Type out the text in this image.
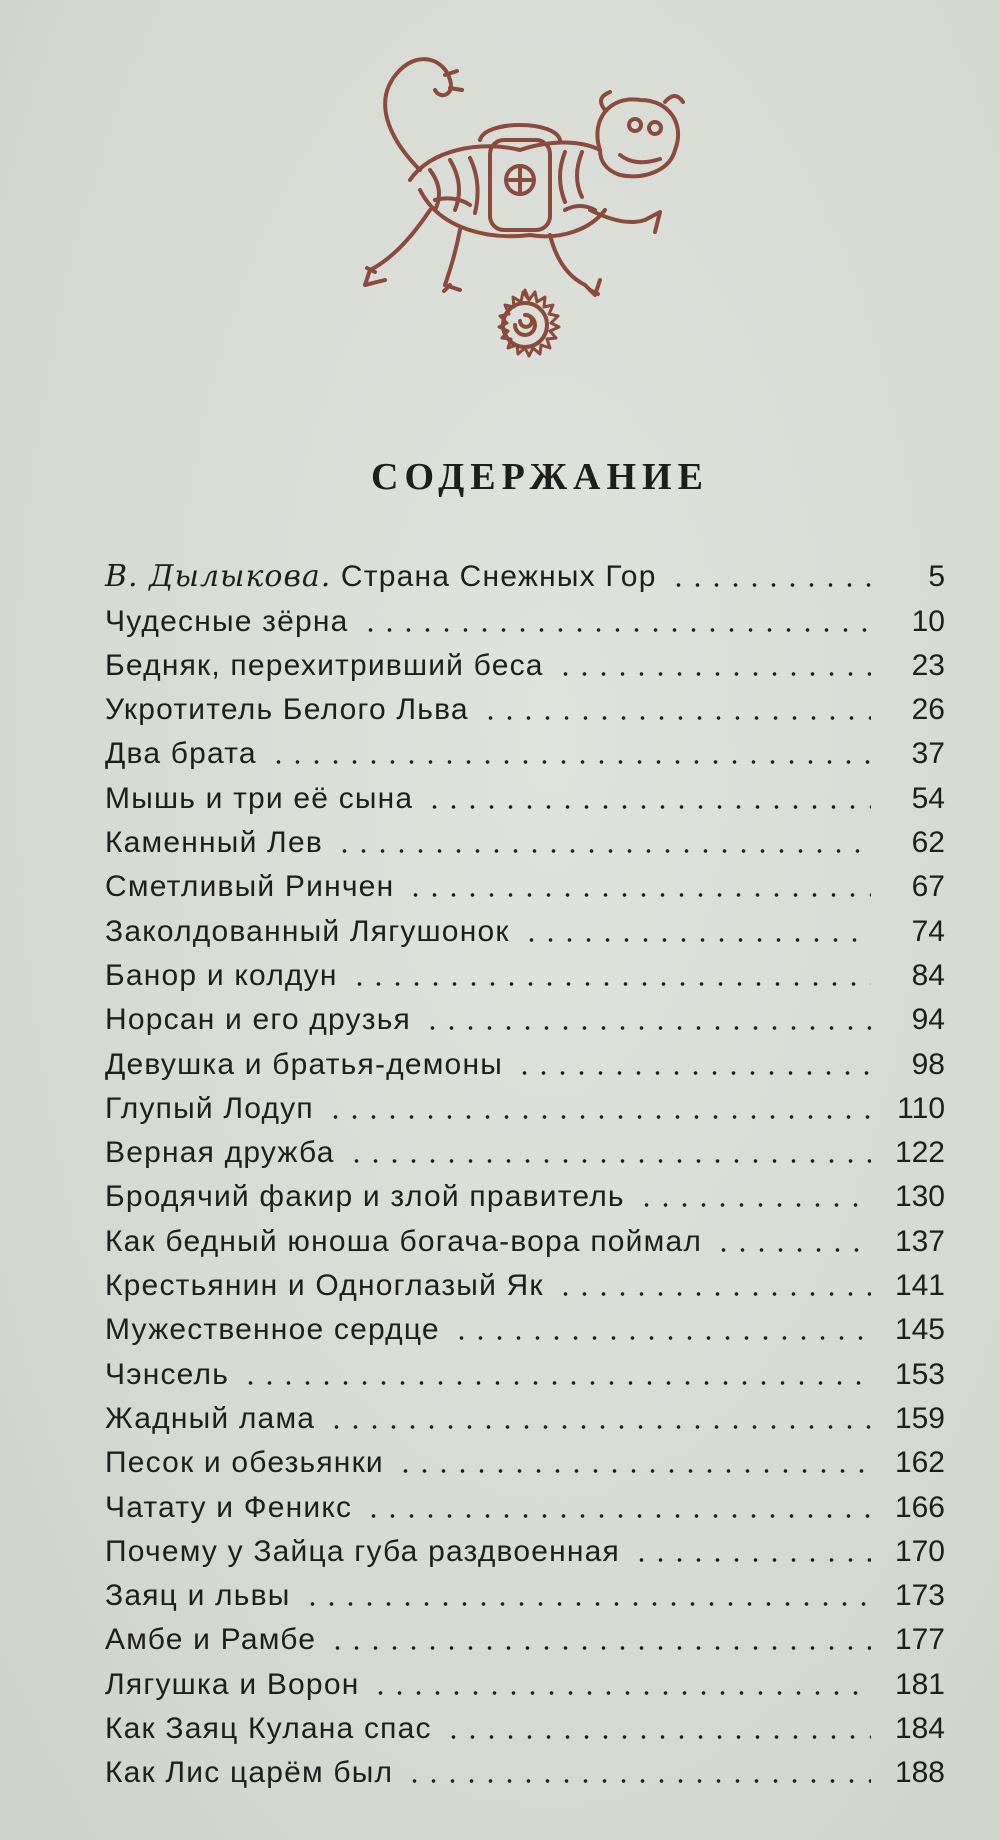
СОДЕРЖАНИЕ
В. Дылыкова. Страна Снежных Гор	5
Чудесные зёрна	10
Бедняк, перехитривший беса	23
Укротитель Белого Льва	26
Два брата	37
Мышь и три её сына	54
Каменный Лев	62
Сметливый Ринчен	67
Заколдованный Лягушонок	74
Банор и колдун	84
Норсан и его друзья	94
Девушка и братья-демоны	98
Глупый Лодуп	110
Верная дружба	122
Бродячий факир и злой правитель	130
Как бедный юноша богача-вора поймал	137
Крестьянин и Одноглазый Як	141
Мужественное сердце	145
Чэнсель	153
Жадный лама	159
Песок и обезьянки	162
Чатату и Феникс	166
Почему у Зайца губа раздвоенная	170
Заяц и львы	173
Амбе и Рамбе	177
Лягушка и Ворон	181
Как Заяц Кулана спас	184
Как Лис царём был	188
